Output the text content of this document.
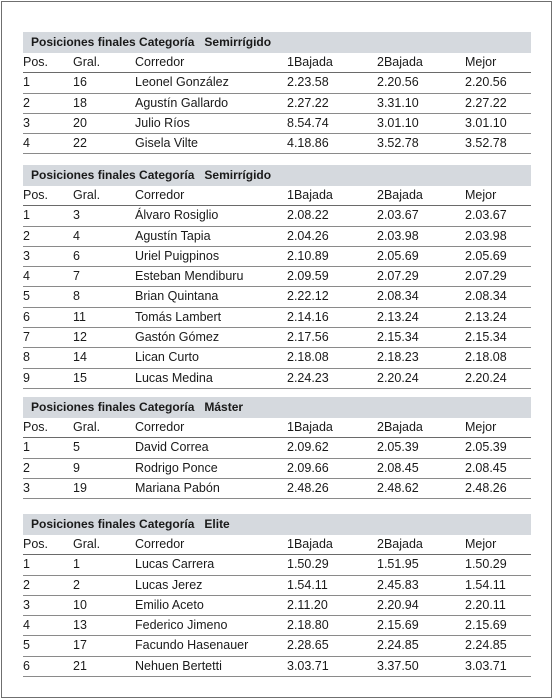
Posiciones finales Categoría   Semirrígido
Pos. Gral.	Corredor	1Bajada	2Bajada	Mejor
1	16	Leonel González	2.23.58	2.20.56	2.20.56
2	18	Agustín Gallardo	2.27.22	3.31.10	2.27.22
3	20	Julio Ríos	8.54.74	3.01.10	3.01.10
4	22	Gisela Vilte	4.18.86	3.52.78	3.52.78
Posiciones finales Categoría   Semirrígido
Pos. Gral.	Corredor	1Bajada	2Bajada	Mejor
1	3	Álvaro Rosiglio	2.08.22	2.03.67	2.03.67
2	4	Agustín Tapia	2.04.26	2.03.98	2.03.98
3	6	Uriel Puigpinos	2.10.89	2.05.69	2.05.69
4	7	Esteban Mendiburu	2.09.59	2.07.29	2.07.29
5	8	Brian Quintana	2.22.12	2.08.34	2.08.34
6	11	Tomás Lambert	2.14.16	2.13.24	2.13.24
7	12	Gastón Gómez	2.17.56	2.15.34	2.15.34
8	14	Lican Curto	2.18.08	2.18.23	2.18.08
9	15	Lucas Medina	2.24.23	2.20.24	2.20.24
Posiciones finales Categoría   Máster
Pos. Gral.	Corredor	1Bajada	2Bajada	Mejor
1	5	David Correa	2.09.62	2.05.39	2.05.39
2	9	Rodrigo Ponce	2.09.66	2.08.45	2.08.45
3	19	Mariana Pabón	2.48.26	2.48.62	2.48.26
Posiciones finales Categoría   Elite
Pos. Gral.	Corredor	1Bajada	2Bajada	Mejor
1	1	Lucas Carrera	1.50.29	1.51.95	1.50.29
2	2	Lucas Jerez	1.54.11	2.45.83	1.54.11
3	10	Emilio Aceto	2.11.20	2.20.94	2.20.11
4	13	Federico Jimeno	2.18.80	2.15.69	2.15.69
5	17	Facundo Hasenauer	2.28.65	2.24.85	2.24.85
6	21	Nehuen Bertetti	3.03.71	3.37.50	3.03.71
